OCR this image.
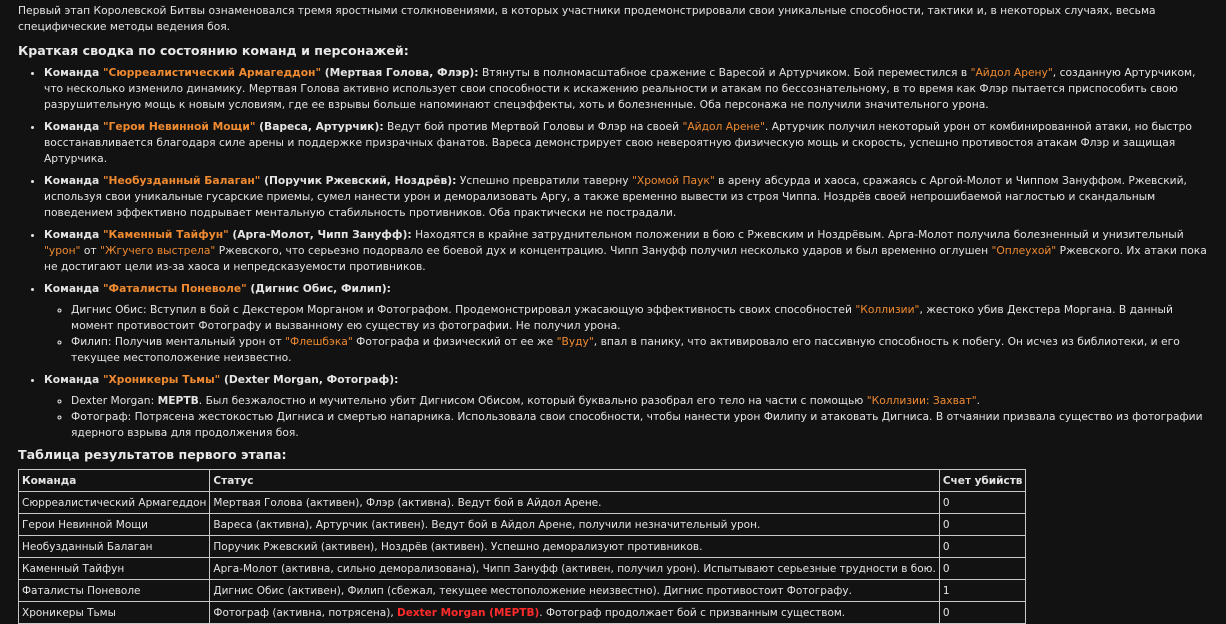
Первый этап Королевской Битвы ознаменовался тремя яростными столкновениями, в которых участники продемонстрировали свои уникальные способности, тактики и, в некоторых случаях, весьма специфические методы ведения боя.

Краткая сводка по состоянию команд и персонажей:
• Команда "Сюрреалистический Армагеддон" (Мертвая Голова, Флэр): Втянуты в полномасштабное сражение с Варесой и Артурчиком. Бой переместился в "Айдол Арену", созданную Артурчиком, что несколько изменило динамику. Мертвая Голова активно использует свои способности к искажению реальности и атакам по бессознательному, в то время как Флэр пытается приспособить свою разрушительную мощь к новым условиям, где ее взрывы больше напоминают спецэффекты, хоть и болезненные. Оба персонажа не получили значительного урона.
• Команда "Герои Невинной Мощи" (Вареса, Артурчик): Ведут бой против Мертвой Головы и Флэр на своей "Айдол Арене". Артурчик получил некоторый урон от комбинированной атаки, но быстро восстанавливается благодаря силе арены и поддержке призрачных фанатов. Вареса демонстрирует свою невероятную физическую мощь и скорость, успешно противостоя атакам Флэр и защищая Артурчика.
• Команда "Необузданный Балаган" (Поручик Ржевский, Ноздрёв): Успешно превратили таверну "Хромой Паук" в арену абсурда и хаоса, сражаясь с Аргой-Молот и Чиппом Зануффом. Ржевский, используя свои уникальные гусарские приемы, сумел нанести урон и деморализовать Аргу, а также временно вывести из строя Чиппа. Ноздрёв своей непрошибаемой наглостью и скандальным поведением эффективно подрывает ментальную стабильность противников. Оба практически не пострадали.
• Команда "Каменный Тайфун" (Арга-Молот, Чипп Зануфф): Находятся в крайне затруднительном положении в бою с Ржевским и Ноздрёвым. Арга-Молот получила болезненный и унизительный "урон" от "Жгучего выстрела" Ржевского, что серьезно подорвало ее боевой дух и концентрацию. Чипп Зануфф получил несколько ударов и был временно оглушен "Оплеухой" Ржевского. Их атаки пока не достигают цели из-за хаоса и непредсказуемости противников.
• Команда "Фаталисты Поневоле" (Дигнис Обис, Филип):
◦ Дигнис Обис: Вступил в бой с Декстером Морганом и Фотографом. Продемонстрировал ужасающую эффективность своих способностей "Коллизии", жестоко убив Декстера Моргана. В данный момент противостоит Фотографу и вызванному ею существу из фотографии. Не получил урона.
◦ Филип: Получив ментальный урон от "Флешбэка" Фотографа и физический от ее же "Вуду", впал в панику, что активировало его пассивную способность к побегу. Он исчез из библиотеки, и его текущее местоположение неизвестно.
• Команда "Хроникеры Тьмы" (Dexter Morgan, Фотограф):
◦ Dexter Morgan: МЕРТВ. Был безжалостно и мучительно убит Дигнисом Обисом, который буквально разобрал его тело на части с помощью "Коллизии: Захват".
◦ Фотограф: Потрясена жестокостью Дигниса и смертью напарника. Использовала свои способности, чтобы нанести урон Филипу и атаковать Дигниса. В отчаянии призвала существо из фотографии ядерного взрыва для продолжения боя.
Таблица результатов первого этапа:
Команда	Статус	Счет убийств
Сюрреалистический Армагеддон	Мертвая Голова (активен), Флэр (активна). Ведут бой в Айдол Арене.	0
Герои Невинной Мощи	Вареса (активна), Артурчик (активен). Ведут бой в Айдол Арене, получили незначительный урон.	0
Необузданный Балаган	Поручик Ржевский (активен), Ноздрёв (активен). Успешно деморализуют противников.	0
Каменный Тайфун	Арга-Молот (активна, сильно деморализована), Чипп Зануфф (активен, получил урон). Испытывают серьезные трудности в бою.	0
Фаталисты Поневоле	Дигнис Обис (активен), Филип (сбежал, текущее местоположение неизвестно). Дигнис противостоит Фотографу.	1
Хроникеры Тьмы	Фотограф (активна, потрясена), Dexter Morgan (МЕРТВ). Фотограф продолжает бой с призванным существом.	0
